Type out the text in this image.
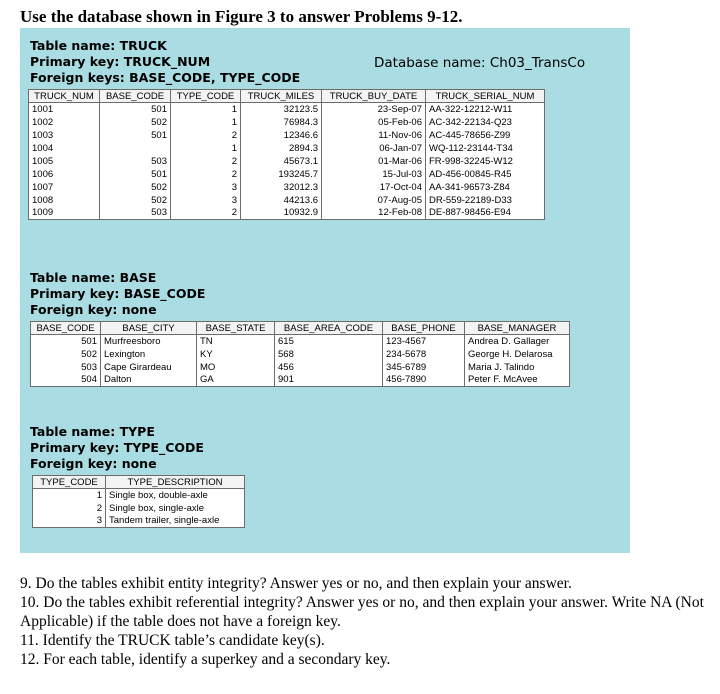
Use the database shown in Figure 3 to answer Problems 9-12.
Table name: TRUCK
Primary key: TRUCK_NUM
Foreign keys: BASE_CODE, TYPE_CODE
Database name: Ch03_TransCo
TRUCK_NUM	BASE_CODE	TYPE_CODE	TRUCK_MILES	TRUCK_BUY_DATE	TRUCK_SERIAL_NUM
1001	501	1	32123.5	23-Sep-07	AA-322-12212-W11
1002	502	1	76984.3	05-Feb-06	AC-342-22134-Q23
1003	501	2	12346.6	11-Nov-06	AC-445-78656-Z99
1004		1	2894.3	06-Jan-07	WQ-112-23144-T34
1005	503	2	45673.1	01-Mar-06	FR-998-32245-W12
1006	501	2	193245.7	15-Jul-03	AD-456-00845-R45
1007	502	3	32012.3	17-Oct-04	AA-341-96573-Z84
1008	502	3	44213.6	07-Aug-05	DR-559-22189-D33
1009	503	2	10932.9	12-Feb-08	DE-887-98456-E94
Table name: BASE
Primary key: BASE_CODE
Foreign key: none
BASE_CODE	BASE_CITY	BASE_STATE	BASE_AREA_CODE	BASE_PHONE	BASE_MANAGER
501	Murfreesboro	TN	615	123-4567	Andrea D. Gallager
502	Lexington	KY	568	234-5678	George H. Delarosa
503	Cape Girardeau	MO	456	345-6789	Maria J. Talindo
504	Dalton	GA	901	456-7890	Peter F. McAvee
Table name: TYPE
Primary key: TYPE_CODE
Foreign key: none
TYPE_CODE	TYPE_DESCRIPTION
1	Single box, double-axle
2	Single box, single-axle
3	Tandem trailer, single-axle

9. Do the tables exhibit entity integrity? Answer yes or no, and then explain your answer.

10. Do the tables exhibit referential integrity? Answer yes or no, and then explain your answer. Write NA (Not Applicable) if the table does not have a foreign key.

11. Identify the TRUCK table’s candidate key(s).

12. For each table, identify a superkey and a secondary key.
